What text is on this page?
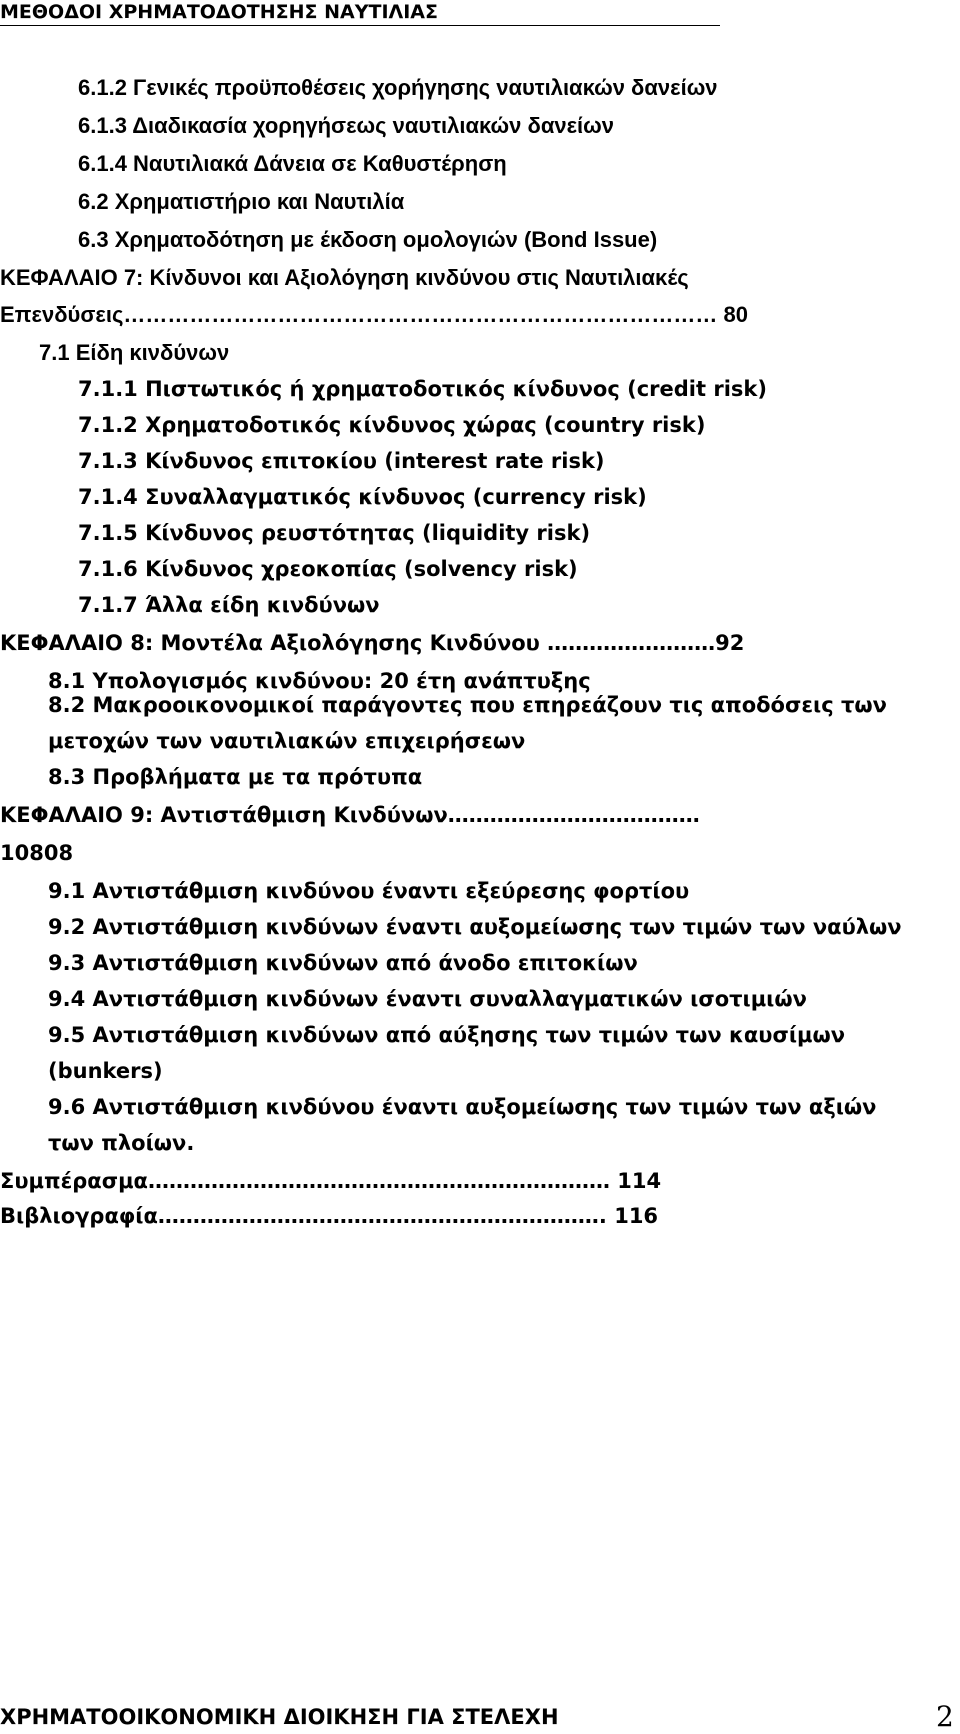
ΜΕΘΟΔΟΙ ΧΡΗΜΑΤΟΔΟΤΗΣΗΣ ΝΑΥΤΙΛΙΑΣ
6.1.2 Γενικές προϋποθέσεις χορήγησης ναυτιλιακών δανείων
6.1.3 Διαδικασία χορηγήσεως ναυτιλιακών δανείων
6.1.4 Ναυτιλιακά Δάνεια σε Καθυστέρηση
6.2 Χρηματιστήριο και Ναυτιλία
6.3 Χρηματοδότηση με έκδοση ομολογιών (Bond Issue)
ΚΕΦΑΛΑΙΟ 7: Κίνδυνοι και Αξιολόγηση κινδύνου στις Ναυτιλιακές
Επενδύσεις……………………………………………………………………… 80
7.1 Είδη κινδύνων
7.1.1 Πιστωτικός ή χρηματοδοτικός κίνδυνος (credit risk)
7.1.2 Χρηματοδοτικός κίνδυνος χώρας (country risk)
7.1.3 Κίνδυνος επιτοκίου (interest rate risk)
7.1.4 Συναλλαγματικός κίνδυνος (currency risk)
7.1.5 Κίνδυνος ρευστότητας (liquidity risk)
7.1.6 Κίνδυνος χρεοκοπίας (solvency risk)
7.1.7 Άλλα είδη κινδύνων
ΚΕΦΑΛΑΙΟ 8: Μοντέλα Αξιολόγησης Κινδύνου ……………………92
8.1 Υπολογισμός κινδύνου: 20 έτη ανάπτυξης
8.2 Μακροοικονομικοί παράγοντες που επηρεάζουν τις αποδόσεις των
μετοχών των ναυτιλιακών επιχειρήσεων
8.3 Προβλήματα με τα πρότυπα
ΚΕΦΑΛΑΙΟ 9: Αντιστάθμιση Κινδύνων………………………………
10808
9.1 Αντιστάθμιση κινδύνου έναντι εξεύρεσης φορτίου
9.2 Αντιστάθμιση κινδύνων έναντι αυξομείωσης των τιμών των ναύλων
9.3 Αντιστάθμιση κινδύνων από άνοδο επιτοκίων
9.4 Αντιστάθμιση κινδύνων έναντι συναλλαγματικών ισοτιμιών
9.5 Αντιστάθμιση κινδύνων από αύξησης των τιμών των καυσίμων
(bunkers)
9.6 Αντιστάθμιση κινδύνου έναντι αυξομείωσης των τιμών των αξιών
των πλοίων.
Συμπέρασμα………………………………………………………… 114
Βιβλιογραφία………………………………………………………. 116
ΧΡΗΜΑΤΟΟΙΚΟΝΟΜΙΚΗ ΔΙΟΙΚΗΣΗ ΓΙΑ ΣΤΕΛΕΧΗ	2
